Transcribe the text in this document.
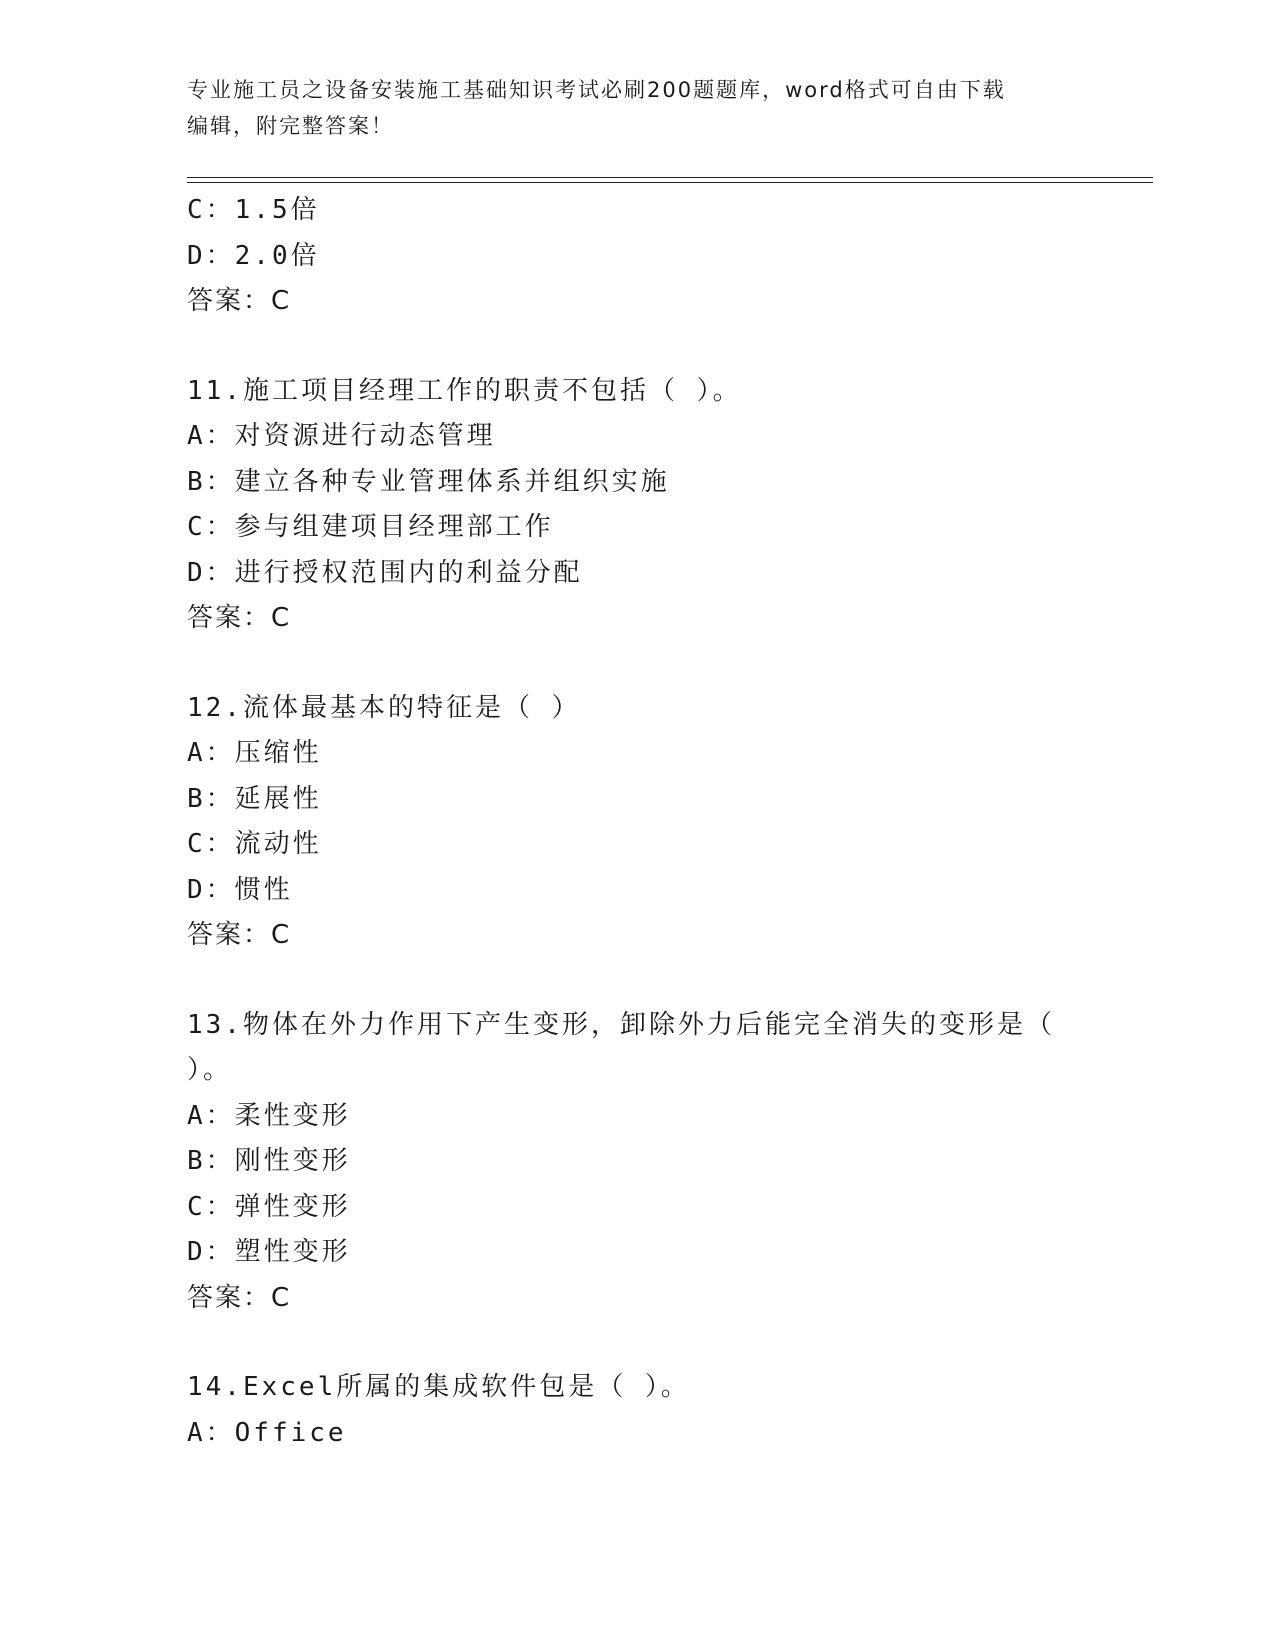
专业施工员之设备安装施工基础知识考试必刷200题题库，word格式可自由下载
编辑，附完整答案！
C：1.5倍
D：2.0倍
答案：C
11.施工项目经理工作的职责不包括（ ）。
A：对资源进行动态管理
B：建立各种专业管理体系并组织实施
C：参与组建项目经理部工作
D：进行授权范围内的利益分配
答案：C
12.流体最基本的特征是（ ）
A：压缩性
B：延展性
C：流动性
D：惯性
答案：C
13.物体在外力作用下产生变形，卸除外力后能完全消失的变形是（
）。
A：柔性变形
B：刚性变形
C：弹性变形
D：塑性变形
答案：C
14.Excel所属的集成软件包是（ ）。
A：Office
